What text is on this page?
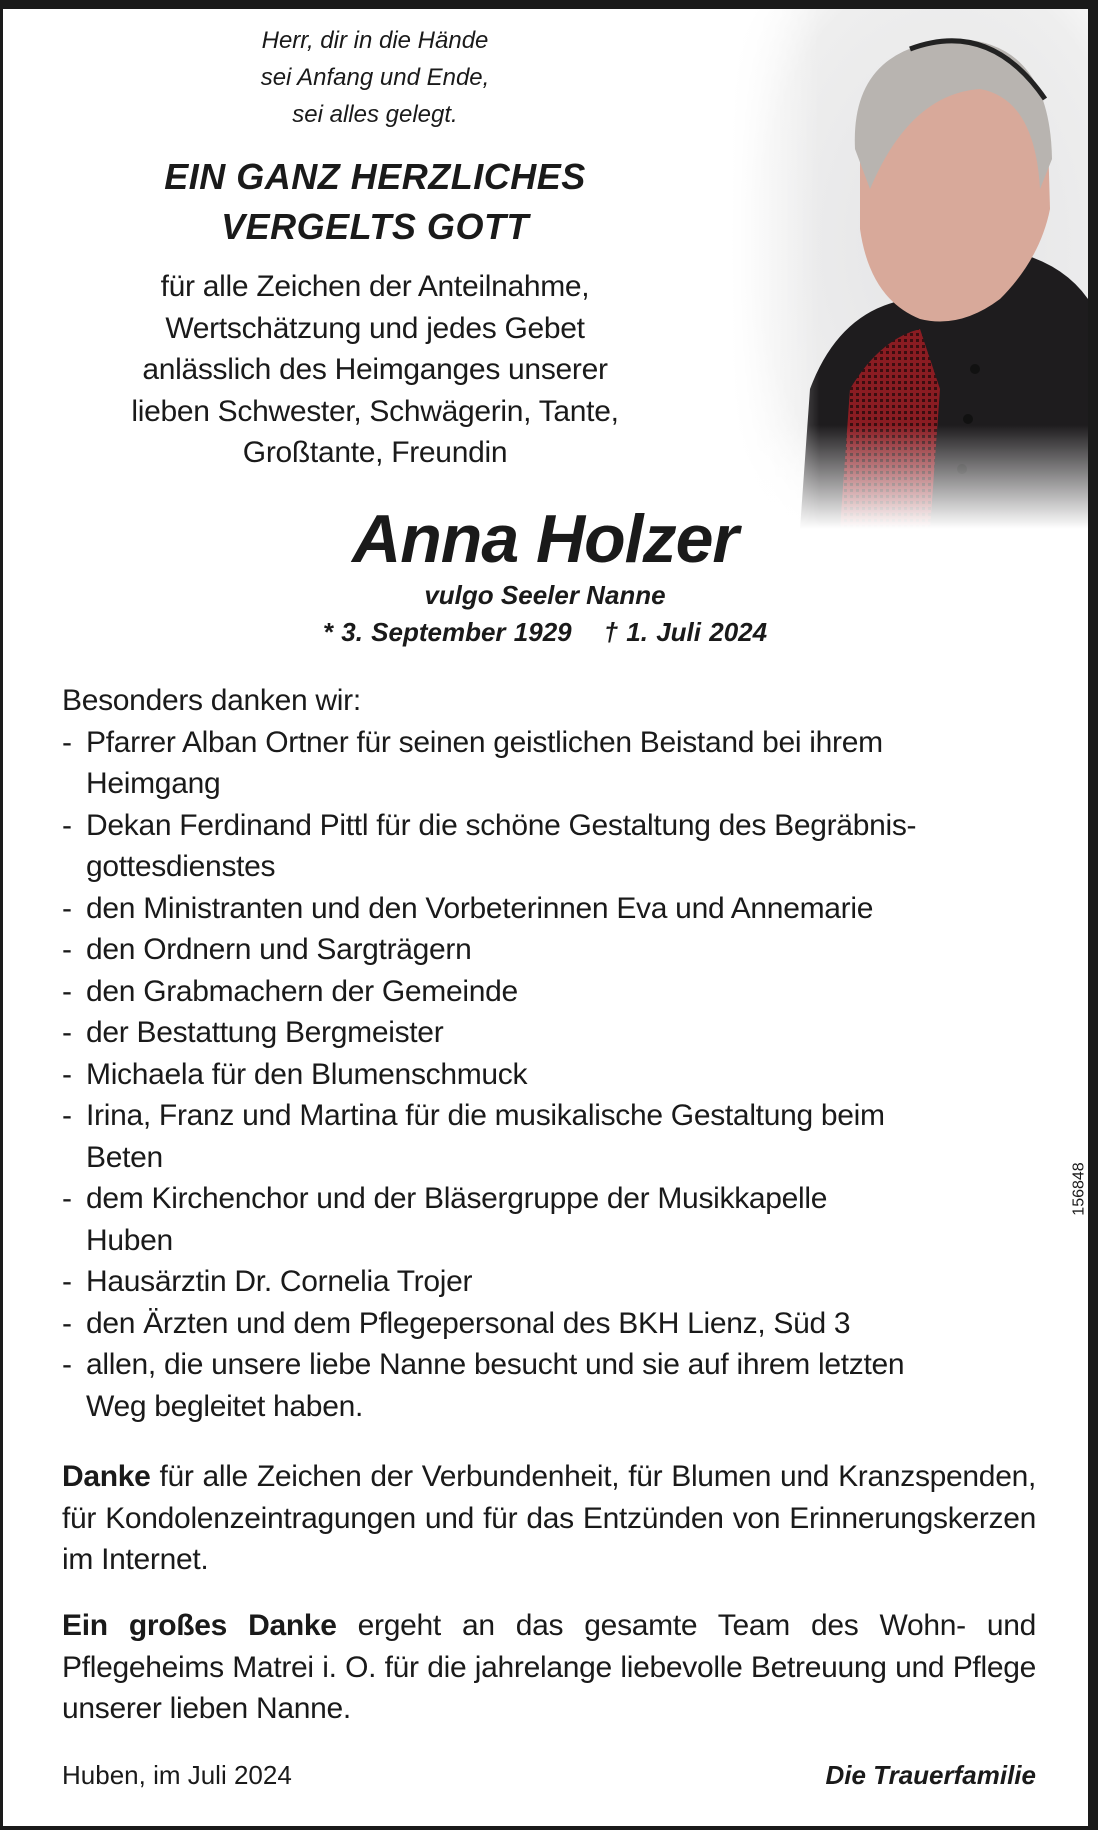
Herr, dir in die Hände
sei Anfang und Ende,
sei alles gelegt.
EIN GANZ HERZLICHES
VERGELTS GOTT
für alle Zeichen der Anteilnahme,
Wertschätzung und jedes Gebet
anlässlich des Heimganges unserer
lieben Schwester, Schwägerin, Tante,
Großtante, Freundin
Anna Holzer
vulgo Seeler Nanne
* 3. September 1929 † 1. Juli 2024
Besonders danken wir:
- Pfarrer Alban Ortner für seinen geistlichen Beistand bei ihrem
Heimgang
- Dekan Ferdinand Pittl für die schöne Gestaltung des Begräbnis-
gottesdienstes
- den Ministranten und den Vorbeterinnen Eva und Annemarie
- den Ordnern und Sargträgern
- den Grabmachern der Gemeinde
- der Bestattung Bergmeister
- Michaela für den Blumenschmuck
- Irina, Franz und Martina für die musikalische Gestaltung beim
Beten
- dem Kirchenchor und der Bläsergruppe der Musikkapelle
Huben
- Hausärztin Dr. Cornelia Trojer
- den Ärzten und dem Pflegepersonal des BKH Lienz, Süd 3
- allen, die unsere liebe Nanne besucht und sie auf ihrem letzten
Weg begleitet haben.

Danke für alle Zeichen der Verbundenheit, für Blumen und Kranzspenden, für Kondolenzeintragungen und für das Entzünden von Erinnerungskerzen im Internet.

Ein großes Danke ergeht an das gesamte Team des Wohn- und Pflegeheims Matrei i. O. für die jahrelange liebevolle Betreuung und Pflege unserer lieben Nanne.

Huben, im Juli 2024	Die Trauerfamilie
156848
